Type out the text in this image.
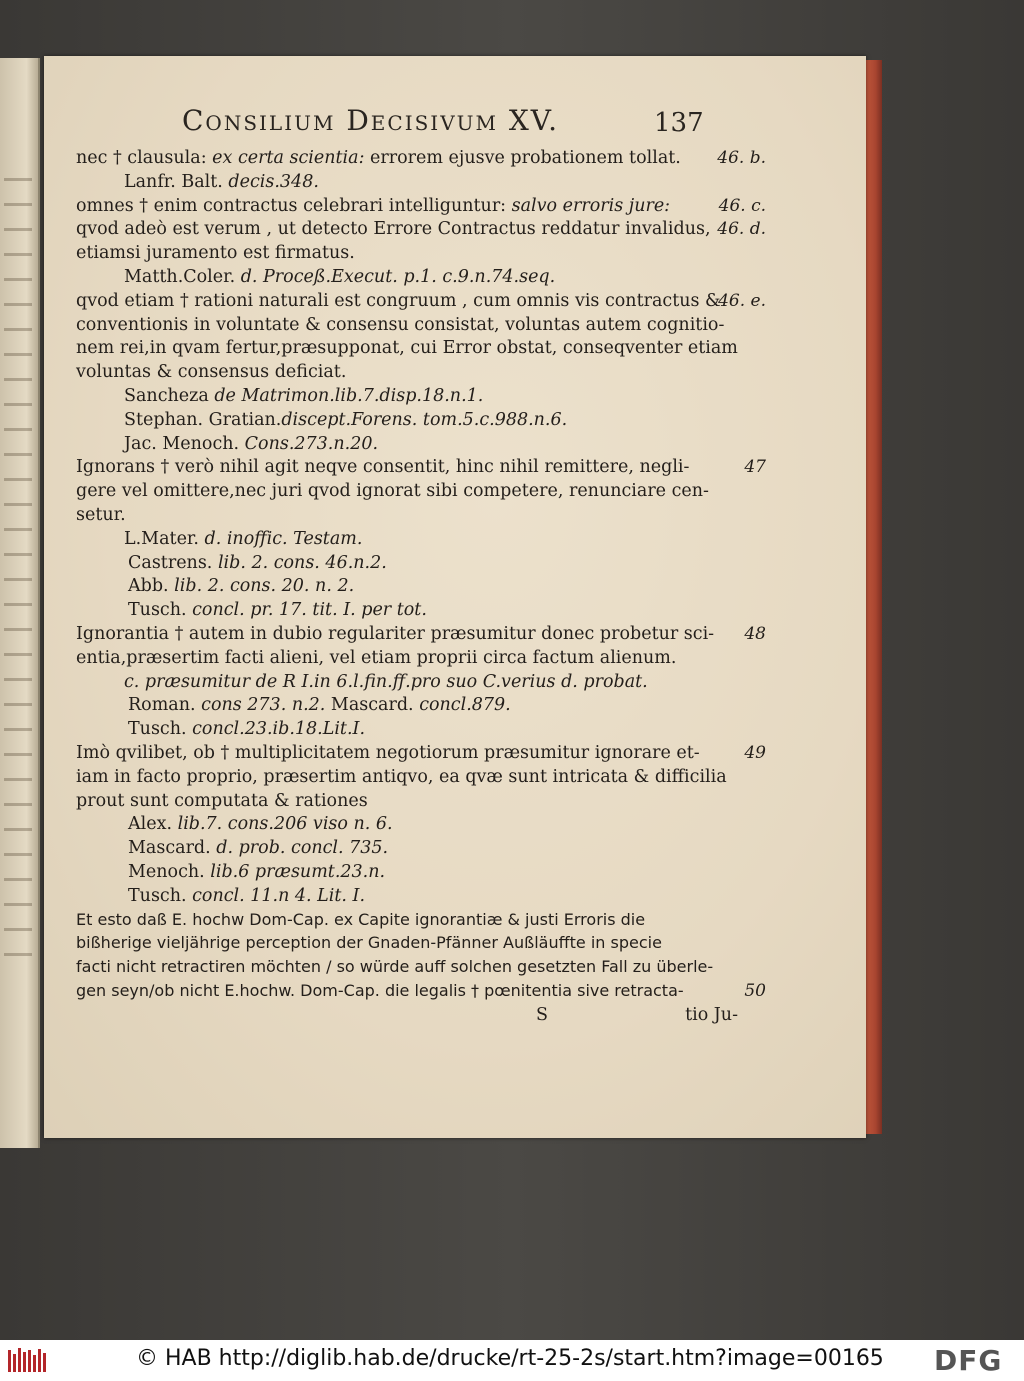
Consilium Decisivum XV.	137
nec † clausula: ex certa scientia: errorem ejusve probationem tollat. 46. b.
Lanfr. Balt. decis.348.
omnes † enim contractus celebrari intelliguntur: salvo erroris jure:	46. c.
qvod adeò est verum , ut detecto Errore Contractus reddatur invalidus, 46. d.
etiamsi juramento est firmatus.
Matth.Coler. d. Proceß.Execut. p.1. c.9.n.74.seq.
qvod etiam † rationi naturali est congruum , cum omnis vis contractus &
46. e.
conventionis in voluntate & consensu consistat, voluntas autem cognitio-
nem rei,in qvam fertur,præsupponat, cui Error obstat, conseqventer etiam
voluntas & consensus deficiat.
Sancheza de Matrimon.lib.7.disp.18.n.1.
Stephan. Gratian.discept.Forens. tom.5.c.988.n.6.
Jac. Menoch. Cons.273.n.20.
Ignorans † verò nihil agit neqve consentit, hinc nihil remittere, negli-	47
gere vel omittere,nec juri qvod ignorat sibi competere, renunciare cen-
setur.
L.Mater. d. inoffic. Testam.
Castrens. lib. 2. cons. 46.n.2.
Abb. lib. 2. cons. 20. n. 2.
Tusch. concl. pr. 17. tit. I. per tot.
Ignorantia † autem in dubio regulariter præsumitur donec probetur sci- 48
entia,præsertim facti alieni, vel etiam proprii circa factum alienum.
c. præsumitur de R I.in 6.l.fin.ff.pro suo C.verius d. probat.
Roman. cons 273. n.2. Mascard. concl.879.
Tusch. concl.23.ib.18.Lit.I.
Imò qvilibet, ob † multiplicitatem negotiorum præsumitur ignorare et-	49
iam in facto proprio, præsertim antiqvo, ea qvæ sunt intricata & difficilia
prout sunt computata & rationes
Alex. lib.7. cons.206 viso n. 6.
Mascard. d. prob. concl. 735.
Menoch. lib.6 præsumt.23.n.
Tusch. concl. 11.n 4. Lit. I.
Et esto daß E. hochw Dom-Cap. ex Capite ignorantiæ & justi Erroris die
bißherige vieljährige perception der Gnaden-Pfänner Außläuffte in specie
facti nicht retractiren möchten / so würde auff solchen gesetzten Fall zu überle-
gen seyn/ob nicht E.hochw. Dom-Cap. die legalis † pœnitentia sive retracta-	50
S	tio Ju-
© HAB http://diglib.hab.de/drucke/rt-25-2s/start.htm?image=00165 DFG
